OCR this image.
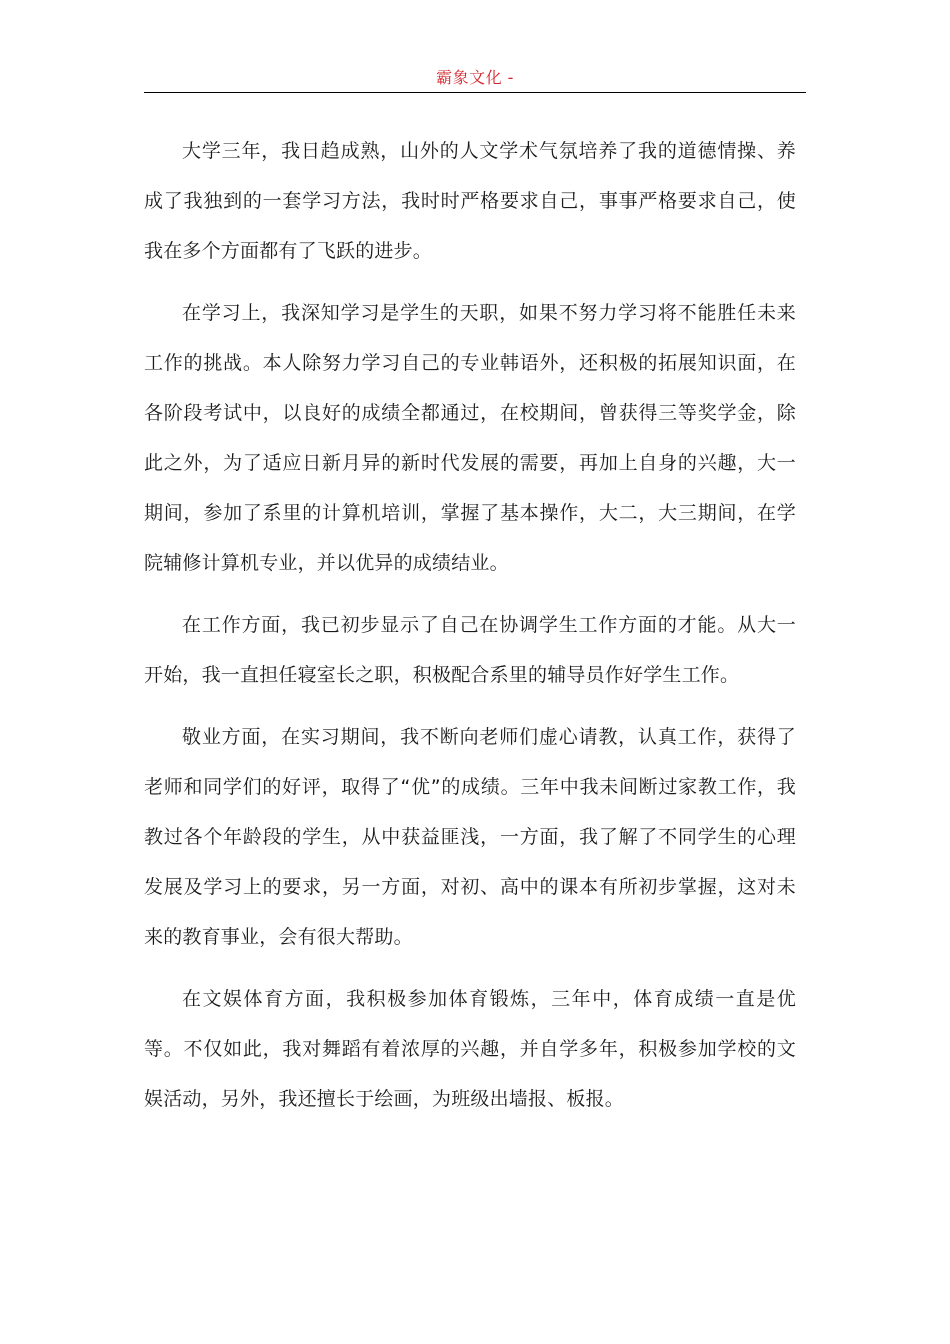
霸象文化 -

大学三年，我日趋成熟，山外的人文学术气氛培养了我的道德情操、养成了我独到的一套学习方法，我时时严格要求自己，事事严格要求自己，使我在多个方面都有了飞跃的进步。

在学习上，我深知学习是学生的天职，如果不努力学习将不能胜任未来工作的挑战。本人除努力学习自己的专业韩语外，还积极的拓展知识面，在各阶段考试中，以良好的成绩全都通过，在校期间，曾获得三等奖学金，除此之外，为了适应日新月异的新时代发展的需要，再加上自身的兴趣，大一期间，参加了系里的计算机培训，掌握了基本操作，大二，大三期间，在学院辅修计算机专业，并以优异的成绩结业。

在工作方面，我已初步显示了自己在协调学生工作方面的才能。从大一开始，我一直担任寝室长之职，积极配合系里的辅导员作好学生工作。

敬业方面，在实习期间，我不断向老师们虚心请教，认真工作，获得了老师和同学们的好评，取得了“优”的成绩。三年中我未间断过家教工作，我教过各个年龄段的学生，从中获益匪浅，一方面，我了解了不同学生的心理发展及学习上的要求，另一方面，对初、高中的课本有所初步掌握，这对未来的教育事业，会有很大帮助。

在文娱体育方面，我积极参加体育锻炼，三年中，体育成绩一直是优等。不仅如此，我对舞蹈有着浓厚的兴趣，并自学多年，积极参加学校的文娱活动，另外，我还擅长于绘画，为班级出墙报、板报。
